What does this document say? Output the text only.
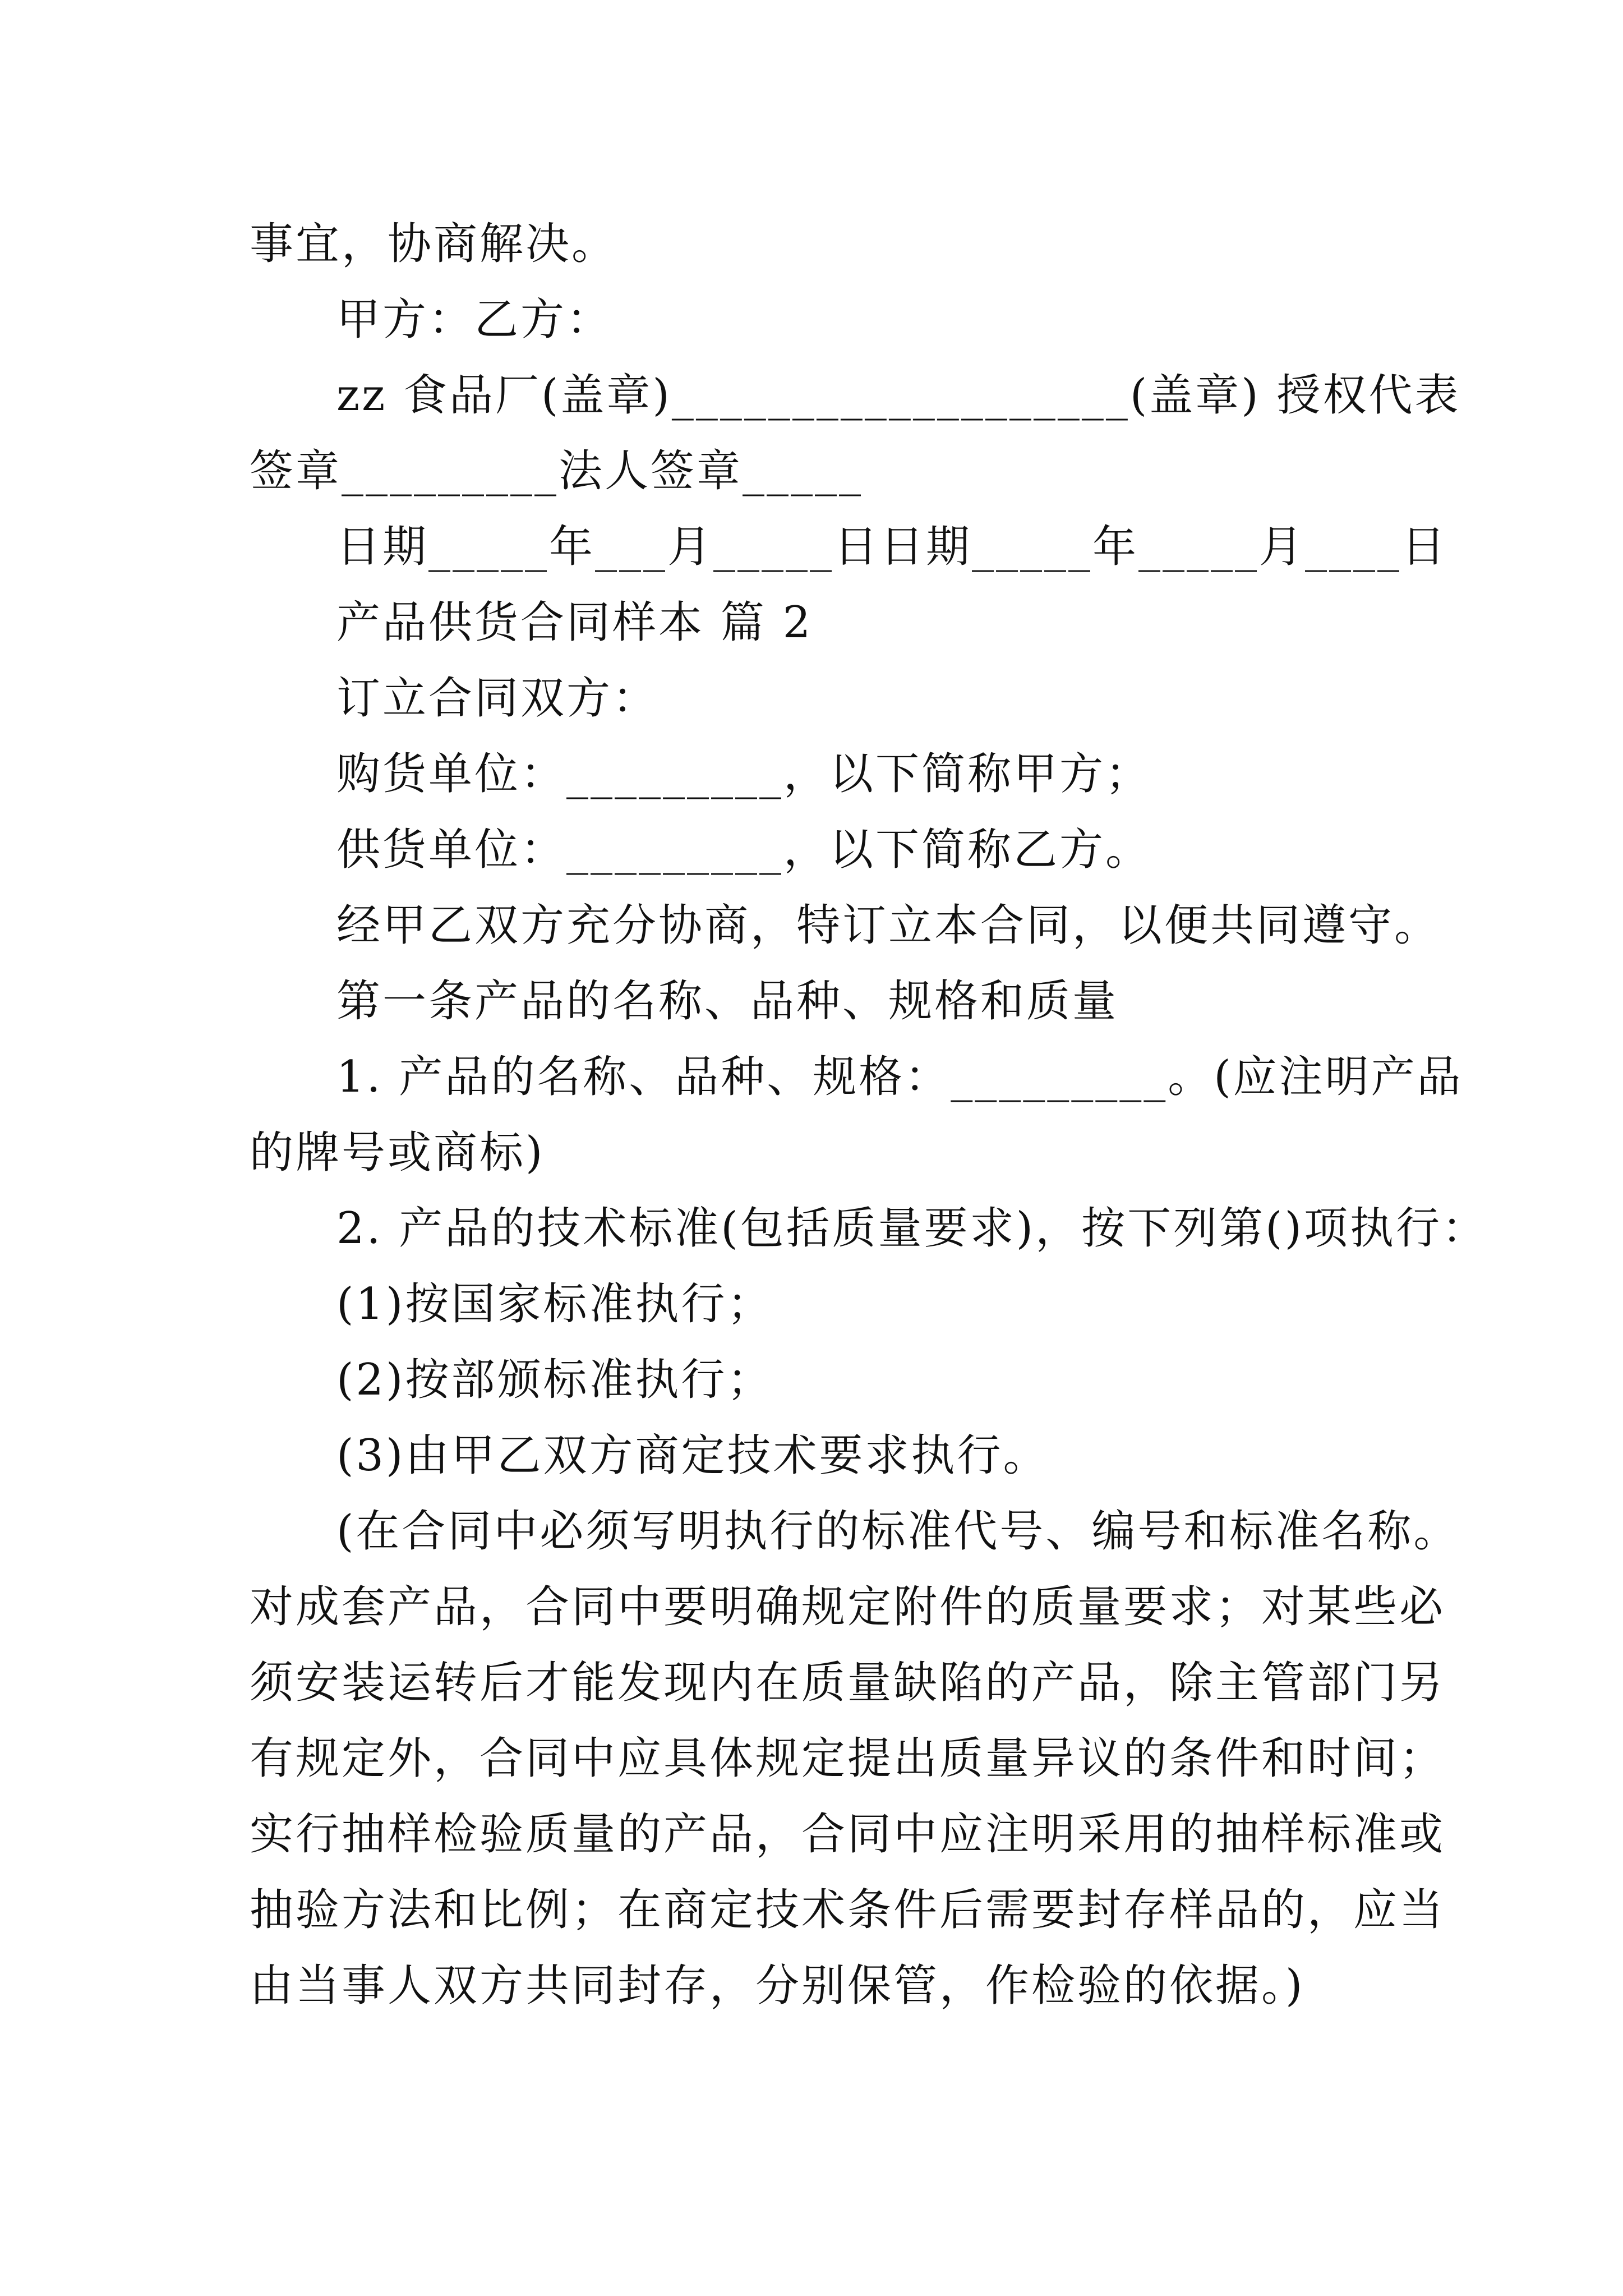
事宜，协商解决。
甲方：乙方：
zz 食品厂(盖章)___________________(盖章) 授权代表
签章_________法人签章_____
日期_____年___月_____日日期_____年_____月____日
产品供货合同样本 篇 2
订立合同双方：
购货单位：_________，以下简称甲方；
供货单位：_________，以下简称乙方。
经甲乙双方充分协商，特订立本合同，以便共同遵守。
第一条产品的名称、品种、规格和质量
1. 产品的名称、品种、规格：_________。(应注明产品
的牌号或商标)
2. 产品的技术标准(包括质量要求)，按下列第()项执行：
(1)按国家标准执行；
(2)按部颁标准执行；
(3)由甲乙双方商定技术要求执行。
(在合同中必须写明执行的标准代号、编号和标准名称。
对成套产品，合同中要明确规定附件的质量要求；对某些必
须安装运转后才能发现内在质量缺陷的产品，除主管部门另
有规定外，合同中应具体规定提出质量异议的条件和时间；
实行抽样检验质量的产品，合同中应注明采用的抽样标准或
抽验方法和比例；在商定技术条件后需要封存样品的，应当
由当事人双方共同封存，分别保管，作检验的依据。)
